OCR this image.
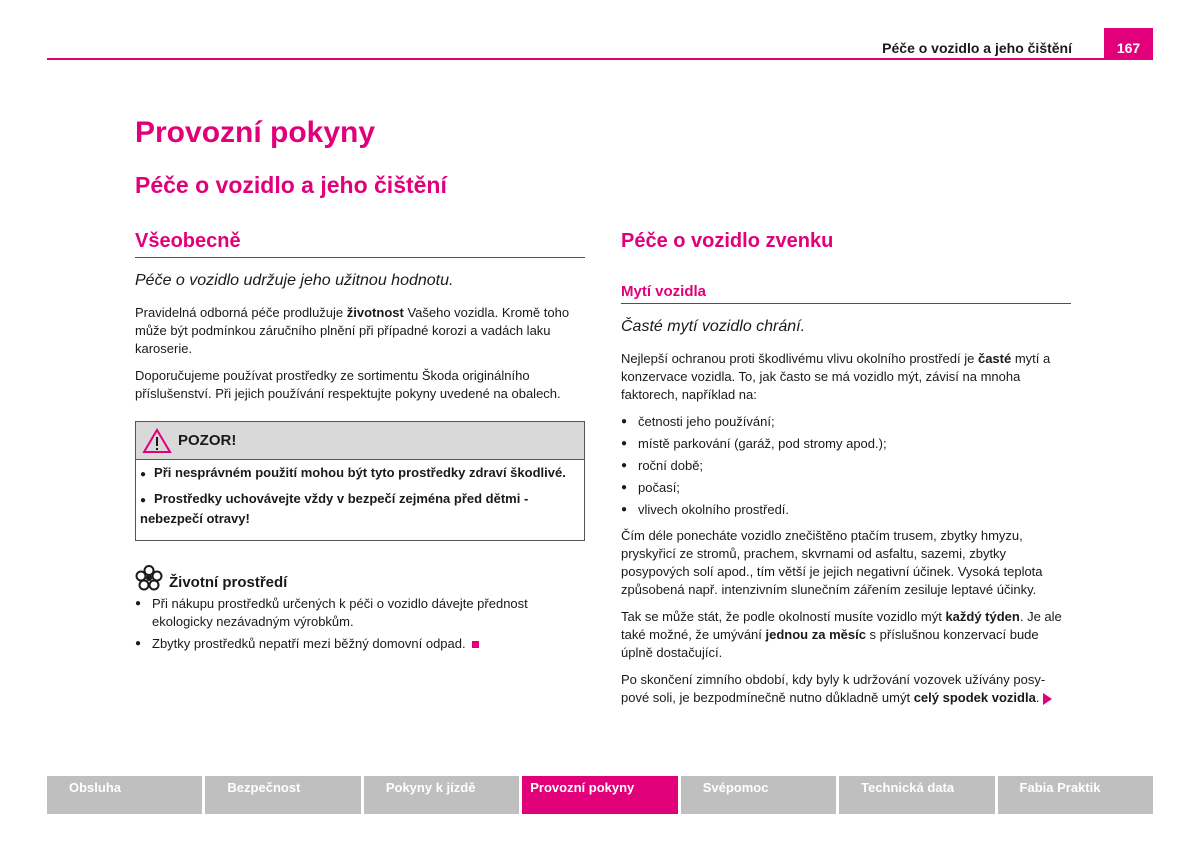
Péče o vozidlo a jeho čištění	167
Provozní pokyny
Péče o vozidlo a jeho čištění
Všeobecně
Péče o vozidlo udržuje jeho užitnou hodnotu.

Pravidelná odborná péče prodlužuje životnost Vašeho vozidla. Kromě toho může být podmínkou záručního plnění při případné korozi a vadách laku karoserie.

Doporučujeme používat prostředky ze sortimentu Škoda originálního příslušenství. Při jejich používání respektujte pokyny uvedené na obalech.

POZOR!
● Při nesprávném použití mohou být tyto prostředky zdraví škodlivé.
● Prostředky uchovávejte vždy v bezpečí zejména před dětmi - nebezpečí otravy!
Životní prostředí
● Při nákupu prostředků určených k péči o vozidlo dávejte přednost ekologicky nezávadným výrobkům.
● Zbytky prostředků nepatří mezi běžný domovní odpad.
Péče o vozidlo zvenku
Mytí vozidla
Časté mytí vozidlo chrání.

Nejlepší ochranou proti škodlivému vlivu okolního prostředí je časté mytí a konzervace vozidla. To, jak často se má vozidlo mýt, závisí na mnoha faktorech, například na:

● četnosti jeho používání;
● místě parkování (garáž, pod stromy apod.);
● roční době;
● počasí;
● vlivech okolního prostředí.

Čím déle ponecháte vozidlo znečištěno ptačím trusem, zbytky hmyzu, pryskyřicí ze stromů, prachem, skvrnami od asfaltu, sazemi, zbytky posypových solí apod., tím větší je jejich negativní účinek. Vysoká teplota způsobená např. intenzivním slunečním zářením zesiluje leptavé účinky.

Tak se může stát, že podle okolností musíte vozidlo mýt každý týden. Je ale také možné, že umývání jednou za měsíc s příslušnou konzervací bude úplně dostačující.

Po skončení zimního období, kdy byly k udržování vozovek užívány posy-pové soli, je bezpodmínečně nutno důkladně umýt celý spodek vozidla.

Obsluha	Bezpečnost	Pokyny k jízdě	Provozní pokyny	Svépomoc	Technická data	Fabia Praktik
